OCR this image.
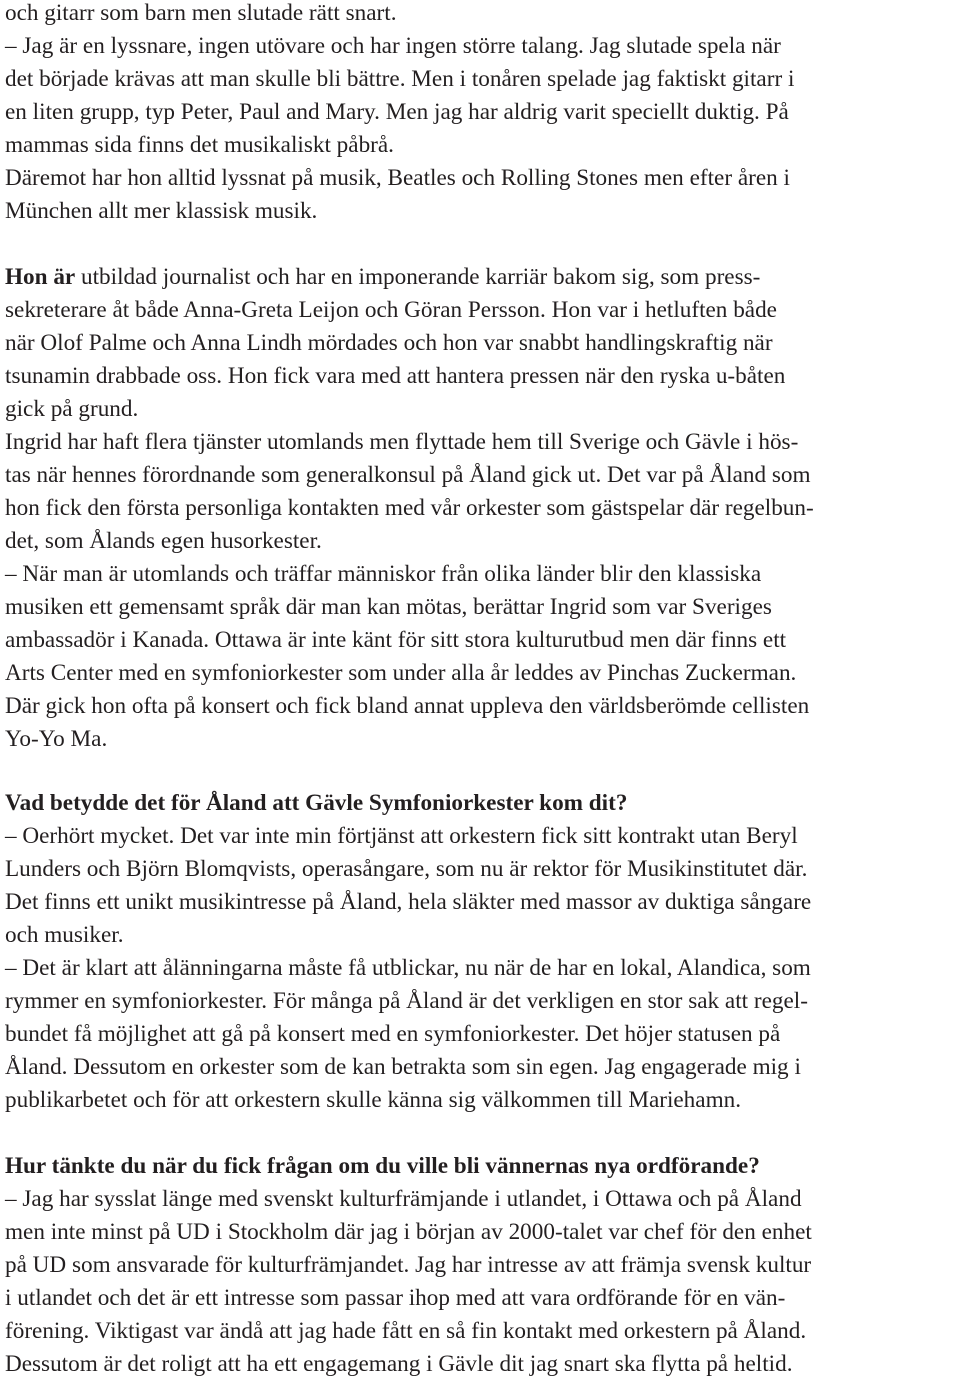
och gitarr som barn men slutade rätt snart.
– Jag är en lyssnare, ingen utövare och har ingen större talang. Jag slutade spela när
det började krävas att man skulle bli bättre. Men i tonåren spelade jag faktiskt gitarr i
en liten grupp, typ Peter, Paul and Mary. Men jag har aldrig varit speciellt duktig. På
mammas sida finns det musikaliskt påbrå.
Däremot har hon alltid lyssnat på musik, Beatles och Rolling Stones men efter åren i
München allt mer klassisk musik.
Hon är utbildad journalist och har en imponerande karriär bakom sig, som press-
sekreterare åt både Anna-Greta Leijon och Göran Persson. Hon var i hetluften både
när Olof Palme och Anna Lindh mördades och hon var snabbt handlingskraftig när
tsunamin drabbade oss. Hon fick vara med att hantera pressen när den ryska u-båten
gick på grund.
Ingrid har haft flera tjänster utomlands men flyttade hem till Sverige och Gävle i hös-
tas när hennes förordnande som generalkonsul på Åland gick ut. Det var på Åland som
hon fick den första personliga kontakten med vår orkester som gästspelar där regelbun-
det, som Ålands egen husorkester.
– När man är utomlands och träffar människor från olika länder blir den klassiska
musiken ett gemensamt språk där man kan mötas, berättar Ingrid som var Sveriges
ambassadör i Kanada. Ottawa är inte känt för sitt stora kulturutbud men där finns ett
Arts Center med en symfoniorkester som under alla år leddes av Pinchas Zuckerman.
Där gick hon ofta på konsert och fick bland annat uppleva den världsberömde cellisten
Yo-Yo Ma.
Vad betydde det för Åland att Gävle Symfoniorkester kom dit?
– Oerhört mycket. Det var inte min förtjänst att orkestern fick sitt kontrakt utan Beryl
Lunders och Björn Blomqvists, operasångare, som nu är rektor för Musikinstitutet där.
Det finns ett unikt musikintresse på Åland, hela släkter med massor av duktiga sångare
och musiker.
– Det är klart att ålänningarna måste få utblickar, nu när de har en lokal, Alandica, som
rymmer en symfoniorkester. För många på Åland är det verkligen en stor sak att regel-
bundet få möjlighet att gå på konsert med en symfoniorkester. Det höjer statusen på
Åland. Dessutom en orkester som de kan betrakta som sin egen. Jag engagerade mig i
publikarbetet och för att orkestern skulle känna sig välkommen till Mariehamn.
Hur tänkte du när du fick frågan om du ville bli vännernas nya ordförande?
– Jag har sysslat länge med svenskt kulturfrämjande i utlandet, i Ottawa och på Åland
men inte minst på UD i Stockholm där jag i början av 2000-talet var chef för den enhet
på UD som ansvarade för kulturfrämjandet. Jag har intresse av att främja svensk kultur
i utlandet och det är ett intresse som passar ihop med att vara ordförande för en vän-
förening. Viktigast var ändå att jag hade fått en så fin kontakt med orkestern på Åland.
Dessutom är det roligt att ha ett engagemang i Gävle dit jag snart ska flytta på heltid.
